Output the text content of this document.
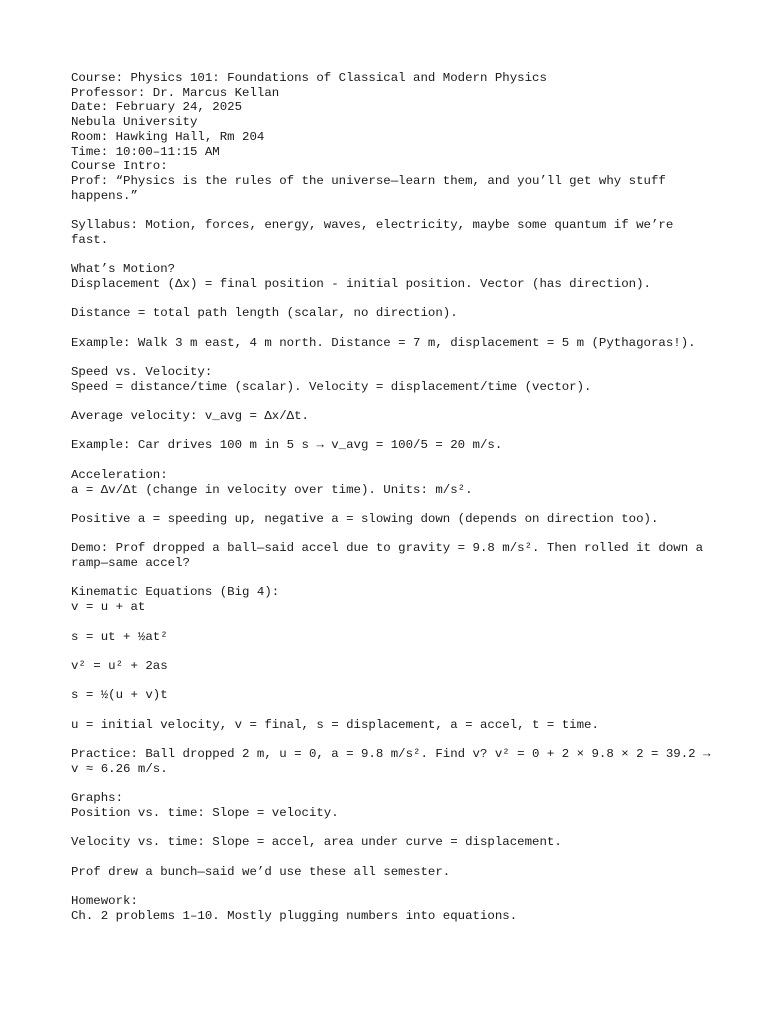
Course: Physics 101: Foundations of Classical and Modern Physics

Professor: Dr. Marcus Kellan

Date: February 24, 2025

Nebula University

Room: Hawking Hall, Rm 204

Time: 10:00–11:15 AM

Course Intro:

Prof: “Physics is the rules of the universe—learn them, and you’ll get why stuff happens.”

Syllabus: Motion, forces, energy, waves, electricity, maybe some quantum if we’re fast.

What’s Motion?

Displacement (Δx) = final position - initial position. Vector (has direction).

Distance = total path length (scalar, no direction).

Example: Walk 3 m east, 4 m north. Distance = 7 m, displacement = 5 m (Pythagoras!).

Speed vs. Velocity:

Speed = distance/time (scalar). Velocity = displacement/time (vector).

Average velocity: v_avg = Δx/Δt.

Example: Car drives 100 m in 5 s → v_avg = 100/5 = 20 m/s.

Acceleration:

a = Δv/Δt (change in velocity over time). Units: m/s².

Positive a = speeding up, negative a = slowing down (depends on direction too).

Demo: Prof dropped a ball—said accel due to gravity = 9.8 m/s². Then rolled it down a ramp—same accel?

Kinematic Equations (Big 4):

v = u + at

s = ut + ½at²

v² = u² + 2as

s = ½(u + v)t

u = initial velocity, v = final, s = displacement, a = accel, t = time.

Practice: Ball dropped 2 m, u = 0, a = 9.8 m/s². Find v? v² = 0 + 2 × 9.8 × 2 = 39.2 → v ≈ 6.26 m/s.

Graphs:

Position vs. time: Slope = velocity.

Velocity vs. time: Slope = accel, area under curve = displacement.

Prof drew a bunch—said we’d use these all semester.

Homework:

Ch. 2 problems 1–10. Mostly plugging numbers into equations.
